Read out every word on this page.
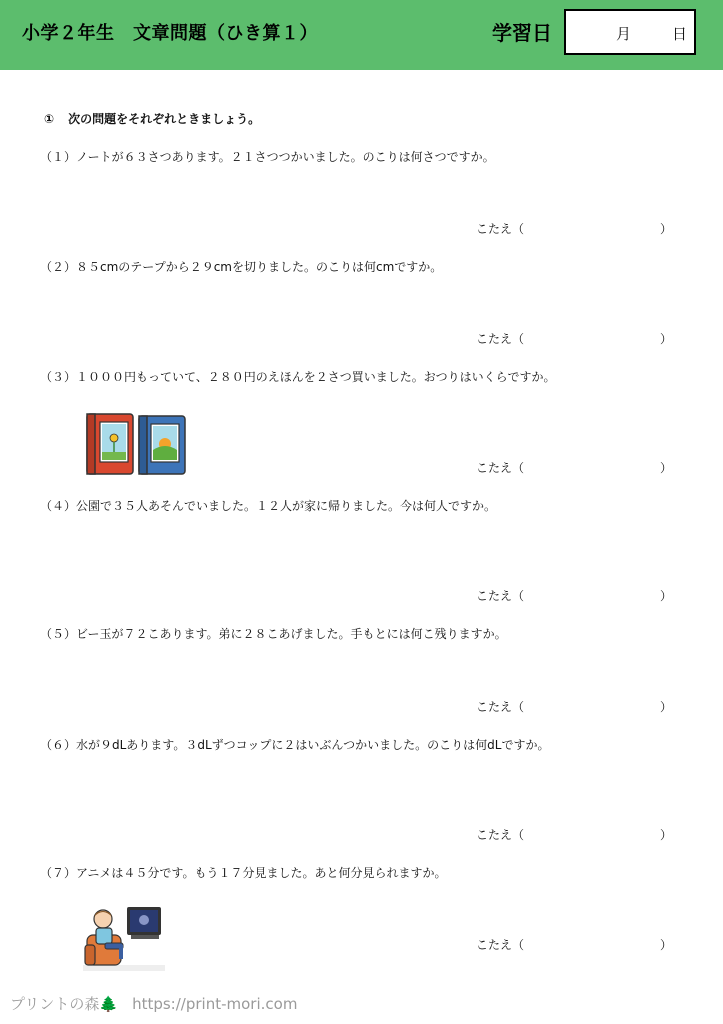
小学２年生　文章問題（ひき算１）	学習日	月	日
① 次の問題をそれぞれときましょう。
（１）ノートが６３さつあります。２１さつつかいました。のこりは何さつですか。
こたえ（	）
（２）８５cmのテープから２９cmを切りました。のこりは何cmですか。
こたえ（	）
（３）１０００円もっていて、２８０円のえほんを２さつ買いました。おつりはいくらですか。
こたえ（	）
（４）公園で３５人あそんでいました。１２人が家に帰りました。今は何人ですか。
こたえ（	）
（５）ビー玉が７２こあります。弟に２８こあげました。手もとには何こ残りますか。
こたえ（	）
（６）水が９dLあります。３dLずつコップに２はいぶんつかいました。のこりは何dLですか。
こたえ（	）
（７）アニメは４５分です。もう１７分見ました。あと何分見られますか。
こたえ（	）
プリントの森🌲 https://print-mori.com
